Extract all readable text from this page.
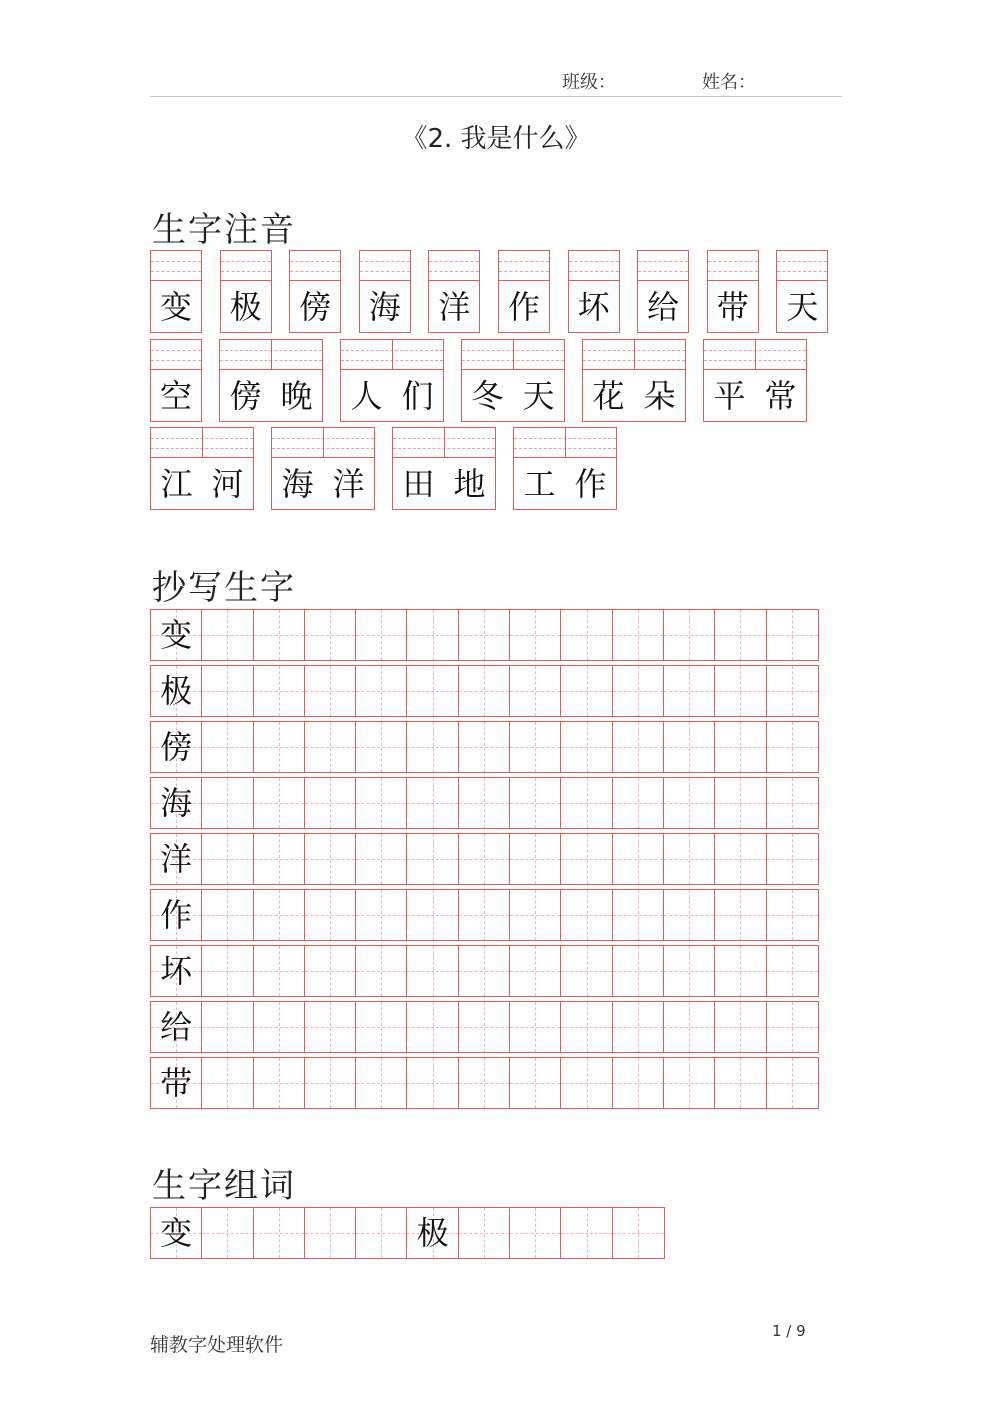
班级：	姓名：
《2. 我是什么》
生字注音
变 极 傍 海 洋 作 坏 给 带 天
空 傍 晚 人 们 冬 天 花 朵 平 常
江 河 海 洋 田 地 工 作
抄写生字
变
极
傍
海
洋
作
坏
给
带
生字组词
变	极
辅教字处理软件
1 / 9
